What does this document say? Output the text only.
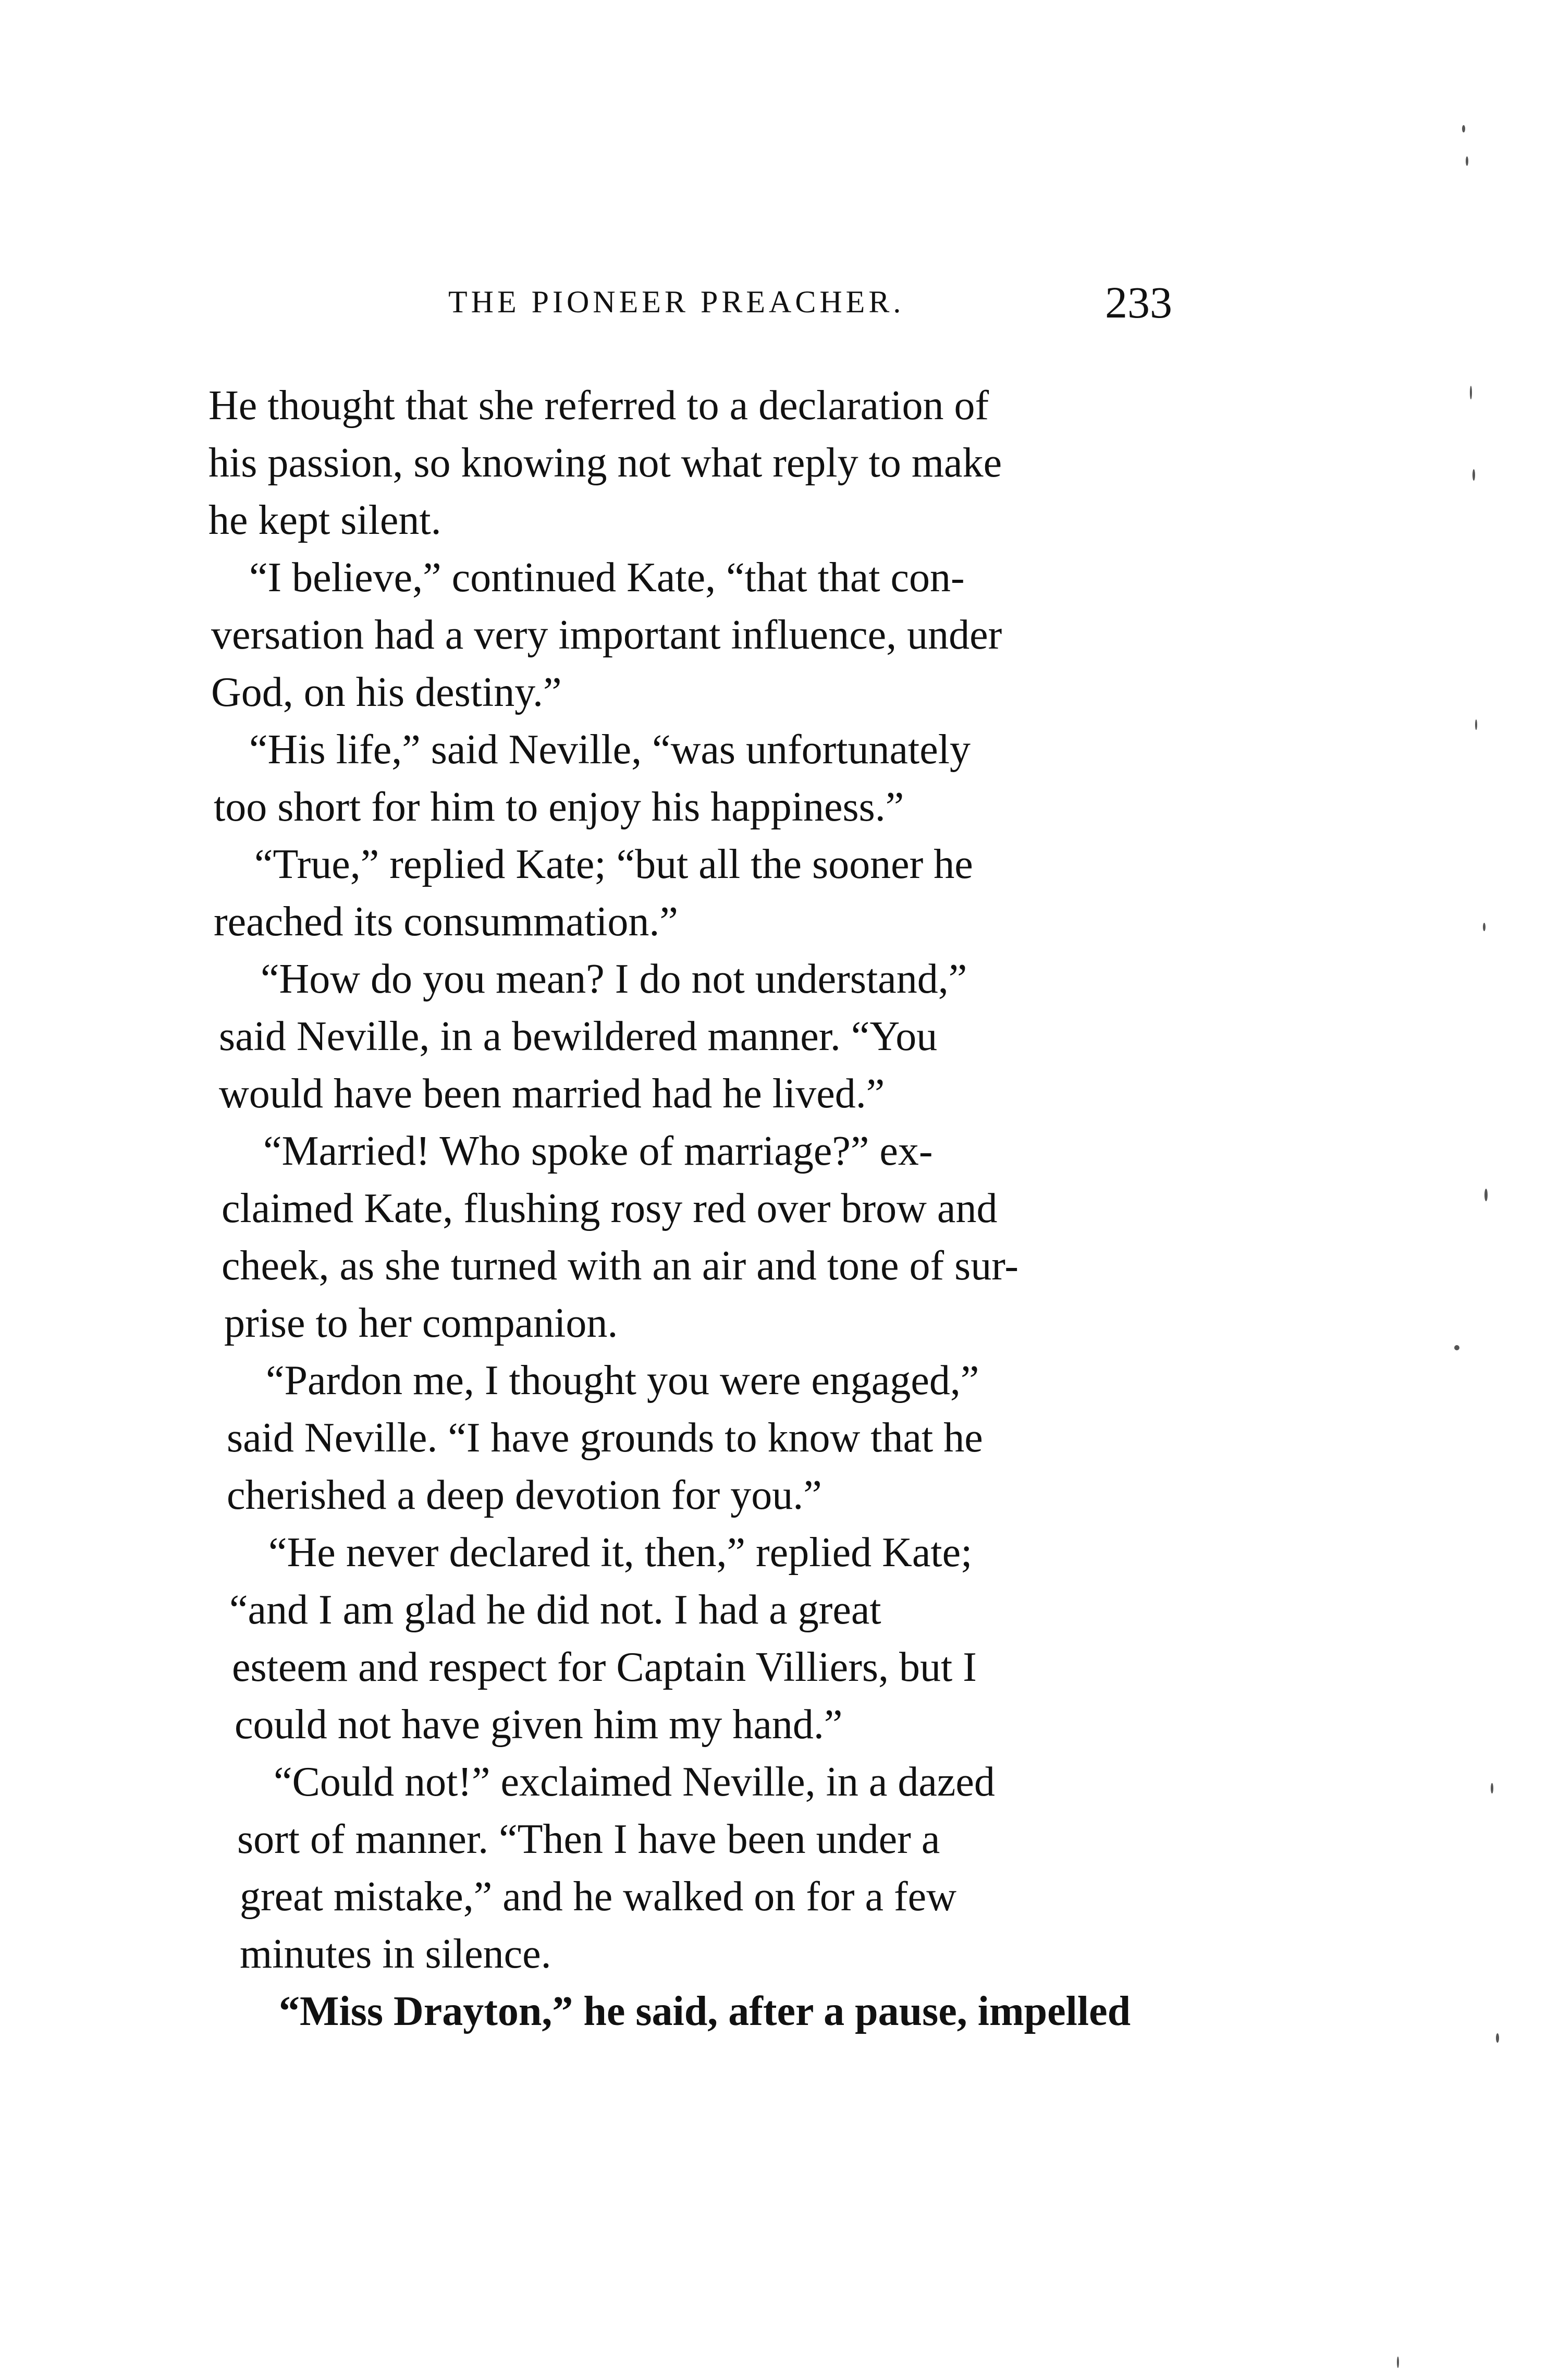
THE PIONEER PREACHER.	233
He thought that she referred to a declaration of
his passion, so knowing not what reply to make
he kept silent.
“I believe,” continued Kate, “that that con-
versation had a very important influence, under
God, on his destiny.”
“His life,” said Neville, “was unfortunately
too short for him to enjoy his happiness.”
“True,” replied Kate; “but all the sooner he
reached its consummation.”
“How do you mean? I do not understand,”
said Neville, in a bewildered manner. “You
would have been married had he lived.”
“Married! Who spoke of marriage?” ex-
claimed Kate, flushing rosy red over brow and
cheek, as she turned with an air and tone of sur-
prise to her companion.
“Pardon me, I thought you were engaged,”
said Neville. “I have grounds to know that he
cherished a deep devotion for you.”
“He never declared it, then,” replied Kate;
“and I am glad he did not. I had a great
esteem and respect for Captain Villiers, but I
could not have given him my hand.”
“Could not!” exclaimed Neville, in a dazed
sort of manner. “Then I have been under a
great mistake,” and he walked on for a few
minutes in silence.
“Miss Drayton,” he said, after a pause, impelled
